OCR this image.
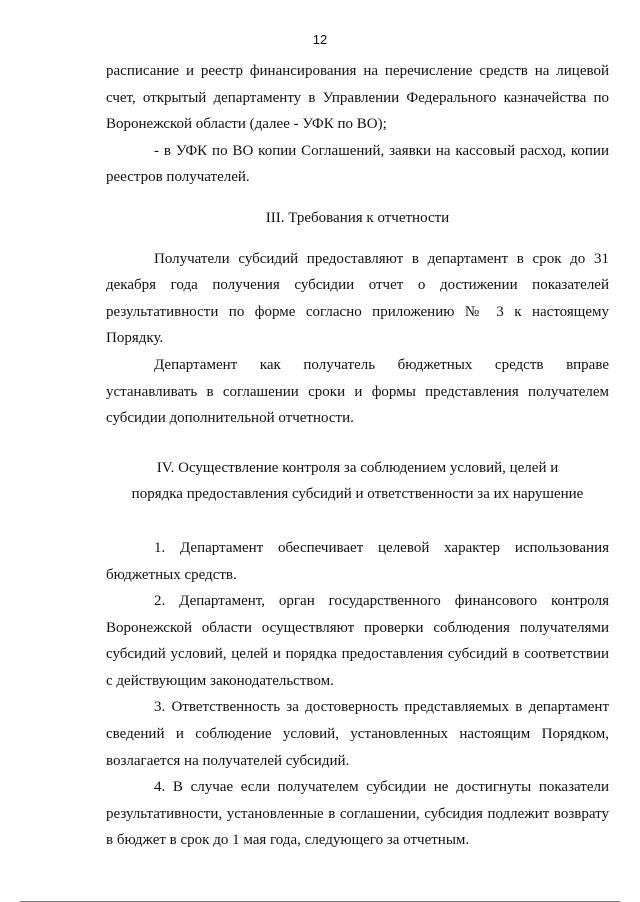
12

расписание и реестр финансирования на перечисление средств на лицевой счет, открытый департаменту в Управлении Федерального казначейства по Воронежской области (далее - УФК по ВО);

- в УФК по ВО копии Соглашений, заявки на кассовый расход, копии реестров получателей.

III. Требования к отчетности

Получатели субсидий предоставляют в департамент в срок до 31 декабря года получения субсидии отчет о достижении показателей результативности по форме согласно приложению № 3 к настоящему Порядку.

Департамент как получатель бюджетных средств вправе устанавливать в соглашении сроки и формы представления получателем субсидии дополнительной отчетности.

IV. Осуществление контроля за соблюдением условий, целей и

порядка предоставления субсидий и ответственности за их нарушение

1. Департамент обеспечивает целевой характер использования бюджетных средств.

2. Департамент, орган государственного финансового контроля Воронежской области осуществляют проверки соблюдения получателями субсидий условий, целей и порядка предоставления субсидий в соответствии с действующим законодательством.

3. Ответственность за достоверность представляемых в департамент сведений и соблюдение условий, установленных настоящим Порядком, возлагается на получателей субсидий.

4. В случае если получателем субсидии не достигнуты показатели результативности, установленные в соглашении, субсидия подлежит возврату в бюджет в срок до 1 мая года, следующего за отчетным.
